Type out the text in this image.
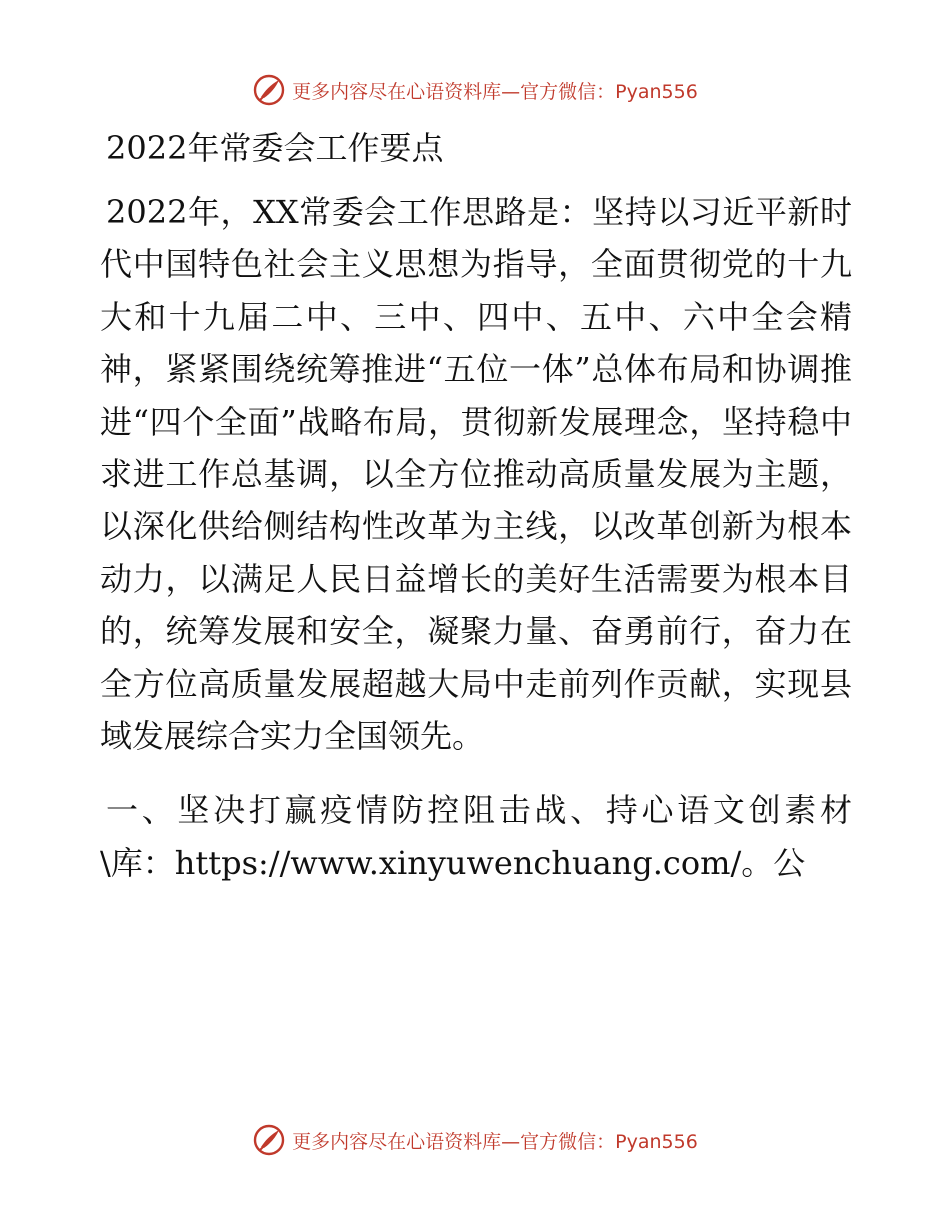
更多内容尽在心语资料库—官方微信：Pyan556
2022年常委会工作要点

2022年，XX常委会工作思路是：坚持以习近平新时代中国特色社会主义思想为指导，全面贯彻党的十九大和十九届二中、三中、四中、五中、六中全会精神，紧紧围绕统筹推进“五位一体”总体布局和协调推进“四个全面”战略布局，贯彻新发展理念，坚持稳中求进工作总基调，以全方位推动高质量发展为主题，以深化供给侧结构性改革为主线，以改革创新为根本动力，以满足人民日益增长的美好生活需要为根本目的，统筹发展和安全，凝聚力量、奋勇前行，奋力在全方位高质量发展超越大局中走前列作贡献，实现县域发展综合实力全国领先。

一、坚决打赢疫情防控阻击战、持心语文创素材\库：https://www.xinyuwenchuang.com/。公

更多内容尽在心语资料库—官方微信：Pyan556
